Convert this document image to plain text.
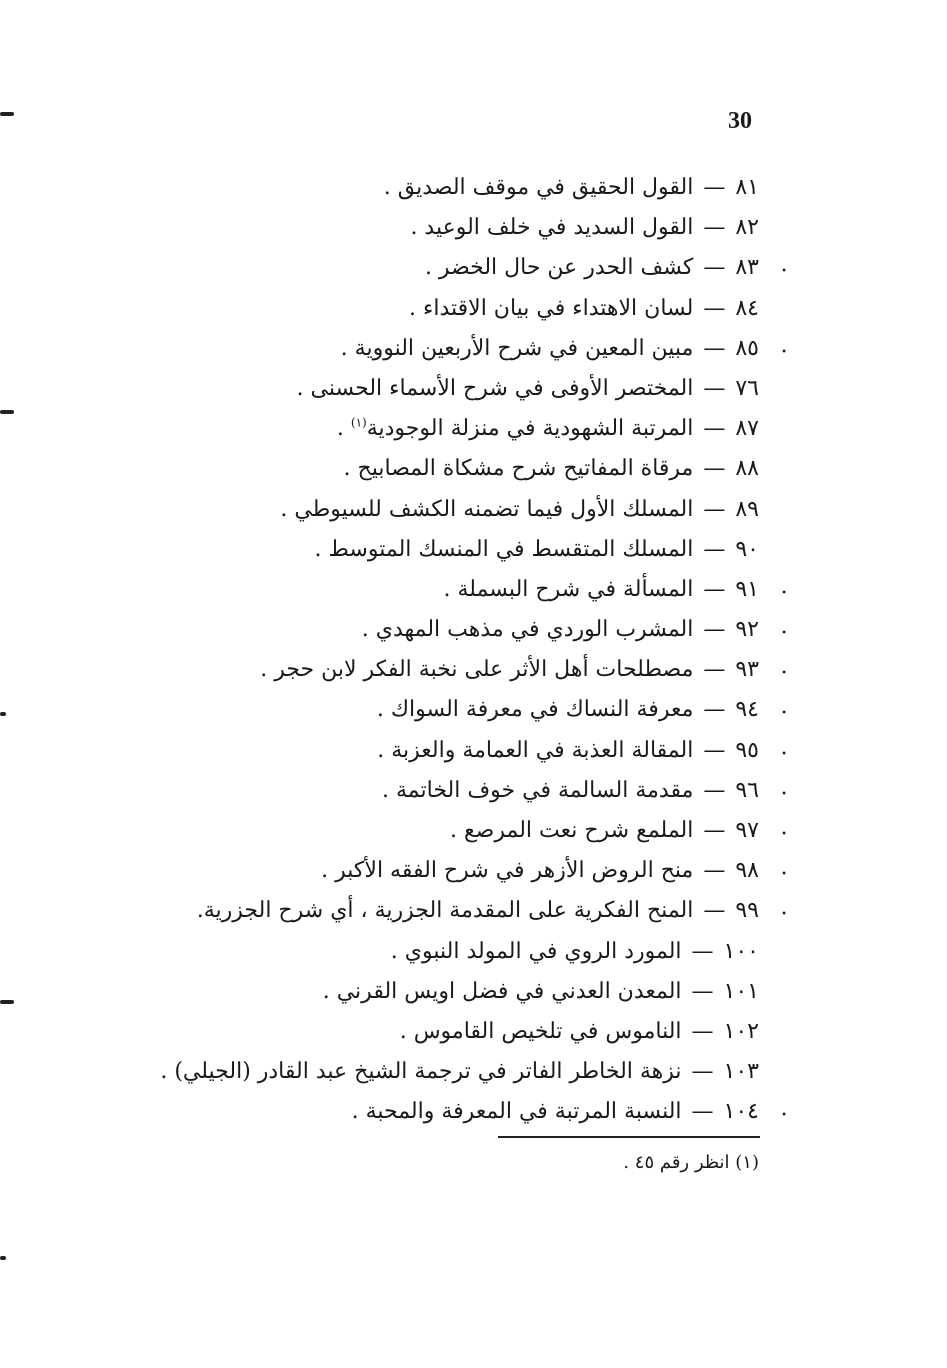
30
٨١—القول الحقيق في موقف الصديق .
٨٢—القول السديد في خلف الوعيد .
•
٨٣—كشف الحدر عن حال الخضر .
٨٤—لسان الاهتداء في بيان الاقتداء .
•
٨٥—مبين المعين في شرح الأربعين النووية .
٧٦—المختصر الأوفى في شرح الأسماء الحسنى .
٨٧—المرتبة الشهودية في منزلة الوجودية$^{(١)}$ .
٨٨—مرقاة المفاتيح شرح مشكاة المصابيح .
٨٩—المسلك الأول فيما تضمنه الكشف للسيوطي .
٩٠—المسلك المتقسط في المنسك المتوسط .
•
٩١—المسألة في شرح البسملة .
•
٩٢—المشرب الوردي في مذهب المهدي .
•
٩٣—مصطلحات أهل الأثر على نخبة الفكر لابن حجر .
•
٩٤—معرفة النساك في معرفة السواك .
•
٩٥—المقالة العذبة في العمامة والعزبة .
•
٩٦—مقدمة السالمة في خوف الخاتمة .
•
٩٧—الملمع شرح نعت المرصع .
•
٩٨—منح الروض الأزهر في شرح الفقه الأكبر .
•
٩٩—المنح الفكرية على المقدمة الجزرية ، أي شرح الجزرية.
١٠٠—المورد الروي في المولد النبوي .
١٠١—المعدن العدني في فضل اويس القرني .
١٠٢—الناموس في تلخيص القاموس .
١٠٣—نزهة الخاطر الفاتر في ترجمة الشيخ عبد القادر (الجيلي) .
•
١٠٤—النسبة المرتبة في المعرفة والمحبة .
(١) انظر رقم ٤٥ .
